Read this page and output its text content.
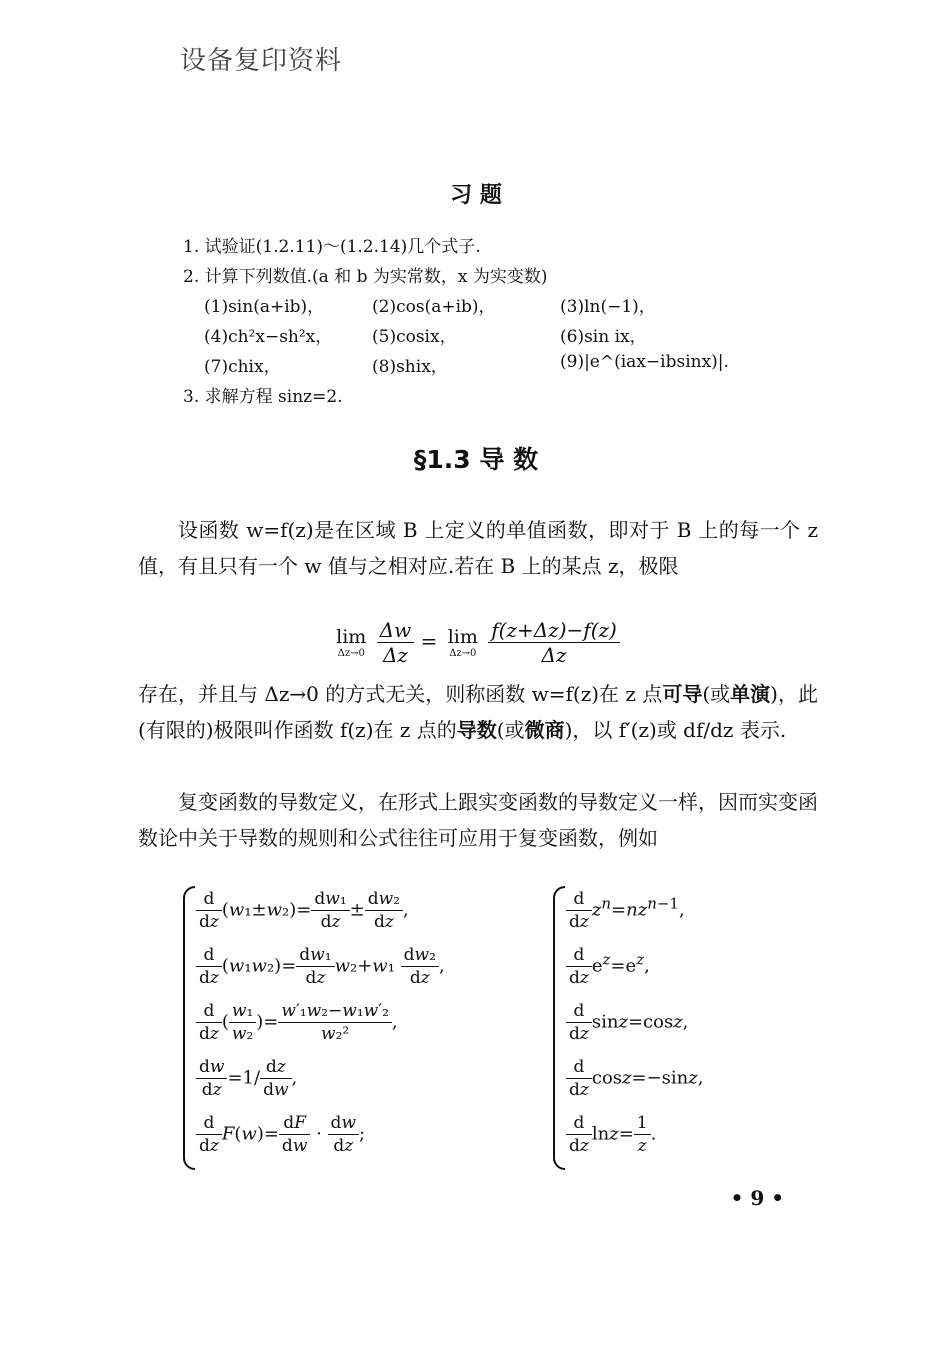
设备复印资料
习 题
1. 试验证(1.2.11)～(1.2.14)几个式子.
2. 计算下列数值.(a 和 b 为实常数，x 为实变数)
(1)sin(a+ib)，	(2)cos(a+ib)，	(3)ln(−1)，
(4)ch²x−sh²x， (5)cosix，	(6)sin ix，
(7)chix，	(8)shix，	(9)|e^(iax−ibsinx)|.
3. 求解方程 sinz=2.
§1.3 导 数
设函数 w=f(z)是在区域 B 上定义的单值函数，即对于 B 上的每一个 z 值，有且只有一个 w 值与之相对应.若在 B 上的某点 z，极限
lim
Δz→0
$\frac{\Delta w}{\Delta z} = \lim$
Δz→0
$\frac{f(z+\Delta z)-f(z)}{\Delta z}$
存在，并且与 Δz→0 的方式无关，则称函数 w=f(z)在 z 点可导(或单演)，此(有限的)极限叫作函数 f(z)在 z 点的导数(或微商)，以 f′(z)或 df/dz 表示.
复变函数的导数定义，在形式上跟实变函数的导数定义一样，因而实变函数论中关于导数的规则和公式往往可应用于复变函数，例如
$\frac{d}{dz} (w_1\pm w_2)= \frac{\text{dw₁}}{dz} \pm \frac{\text{dw₂}}{dz}$ ,
$\frac{d}{dz} (w_1w_2)= \frac{\text{dw₁}}{dz} w_2+w_1 \frac{\text{dw₂}}{dz}$ ,
$\frac{d}{dz}$ ( $\frac{\text{w₁}}{\text{w₂}}$ )= $\frac{\text{w′₁w₂−w₁w′₂}}{\text{w₂²}}$ ,
$\frac{dw}{dz} =1/ \frac{dz}{dw}$ ,
$\frac{d}{dz} F(w)= \frac{dF}{dw} \cdot \frac{dw}{dz}$ ;
$\frac{d}{dz} z^n=nz^{n-1}$,
$\frac{d}{dz} e^z=e^z$,
$\frac{d}{dz} \sin z=\cos z$,
$\frac{d}{dz} \cos z=-\sin z$,
$\frac{d}{dz} \ln z= \frac{1}{z}$ .
• 9 •
